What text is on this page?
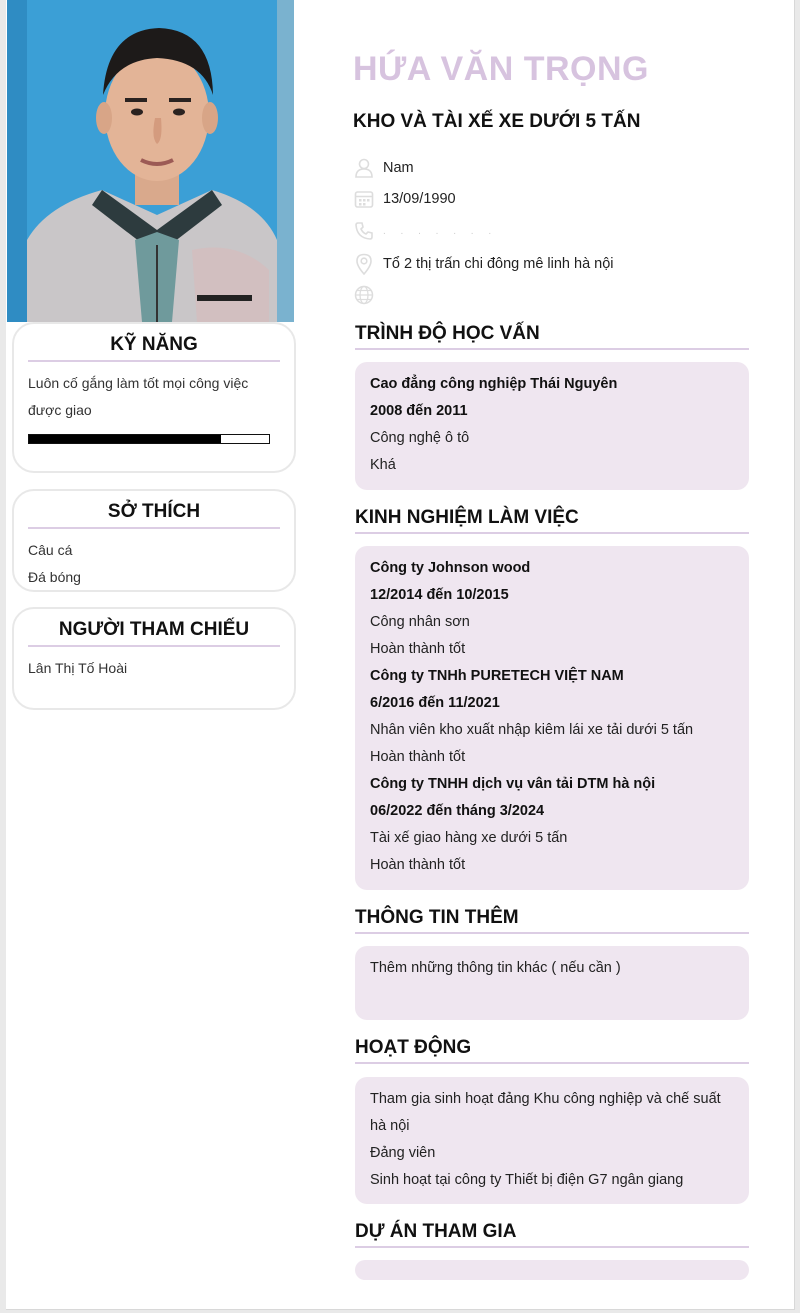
KỸ NĂNG
Luôn cố gắng làm tốt mọi công việc
được giao
SỞ THÍCH
Câu cá
Đá bóng
NGƯỜI THAM CHIẾU
Lân Thị Tố Hoài
HỨA VĂN TRỌNG
KHO VÀ TÀI XẾ XE DƯỚI 5 TẤN
Nam
13/09/1990
. . . . . . .
Tổ 2 thị trấn chi đông mê linh hà nội
TRÌNH ĐỘ HỌC VẤN
Cao đẳng công nghiệp Thái Nguyên
2008 đến 2011
Công nghệ ô tô
Khá
KINH NGHIỆM LÀM VIỆC
Công ty Johnson wood
12/2014 đến 10/2015
Công nhân sơn
Hoàn thành tốt
Công ty TNHh PURETECH VIỆT NAM
6/2016 đến 11/2021
Nhân viên kho xuất nhập kiêm lái xe tải dưới 5 tấn
Hoàn thành tốt
Công ty TNHH dịch vụ vân tải DTM hà nội
06/2022 đến tháng 3/2024
Tài xế giao hàng xe dưới 5 tấn
Hoàn thành tốt
THÔNG TIN THÊM
Thêm những thông tin khác ( nếu cần )
HOẠT ĐỘNG
Tham gia sinh hoạt đảng Khu công nghiệp và chế suất
hà nội
Đảng viên
Sinh hoạt tại công ty Thiết bị điện G7 ngân giang
DỰ ÁN THAM GIA
